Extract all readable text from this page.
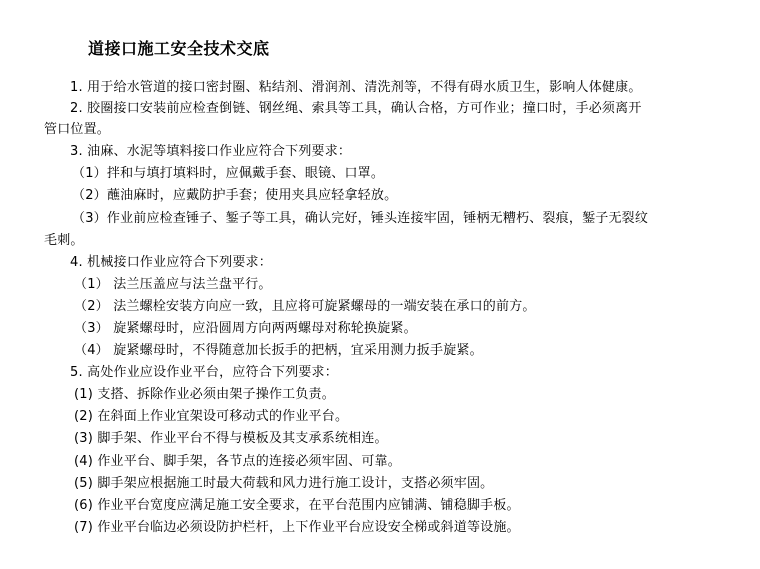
道接口施工安全技术交底
1. 用于给水管道的接口密封圈、粘结剂、滑润剂、清洗剂等，不得有碍水质卫生，影响人体健康。
2. 胶圈接口安装前应检查倒链、钢丝绳、索具等工具，确认合格，方可作业；撞口时，手必须离开
管口位置。
3. 油麻、水泥等填料接口作业应符合下列要求：
（1）拌和与填打填料时，应佩戴手套、眼镜、口罩。
（2）蘸油麻时，应戴防护手套；使用夹具应轻拿轻放。
（3）作业前应检查锤子、錾子等工具，确认完好，锤头连接牢固，锤柄无糟朽、裂痕，錾子无裂纹
毛刺。
4. 机械接口作业应符合下列要求：
（1） 法兰压盖应与法兰盘平行。
（2） 法兰螺栓安装方向应一致，且应将可旋紧螺母的一端安装在承口的前方。
（3） 旋紧螺母时，应沿圆周方向两两螺母对称轮换旋紧。
（4） 旋紧螺母时，不得随意加长扳手的把柄，宜采用测力扳手旋紧。
5. 高处作业应设作业平台，应符合下列要求：
(1) 支搭、拆除作业必须由架子操作工负责。
(2) 在斜面上作业宜架设可移动式的作业平台。
(3) 脚手架、作业平台不得与模板及其支承系统相连。
(4) 作业平台、脚手架，各节点的连接必须牢固、可靠。
(5) 脚手架应根据施工时最大荷载和风力进行施工设计，支搭必须牢固。
(6) 作业平台宽度应满足施工安全要求，在平台范围内应铺满、铺稳脚手板。
(7) 作业平台临边必须设防护栏杆，上下作业平台应设安全梯或斜道等设施。
